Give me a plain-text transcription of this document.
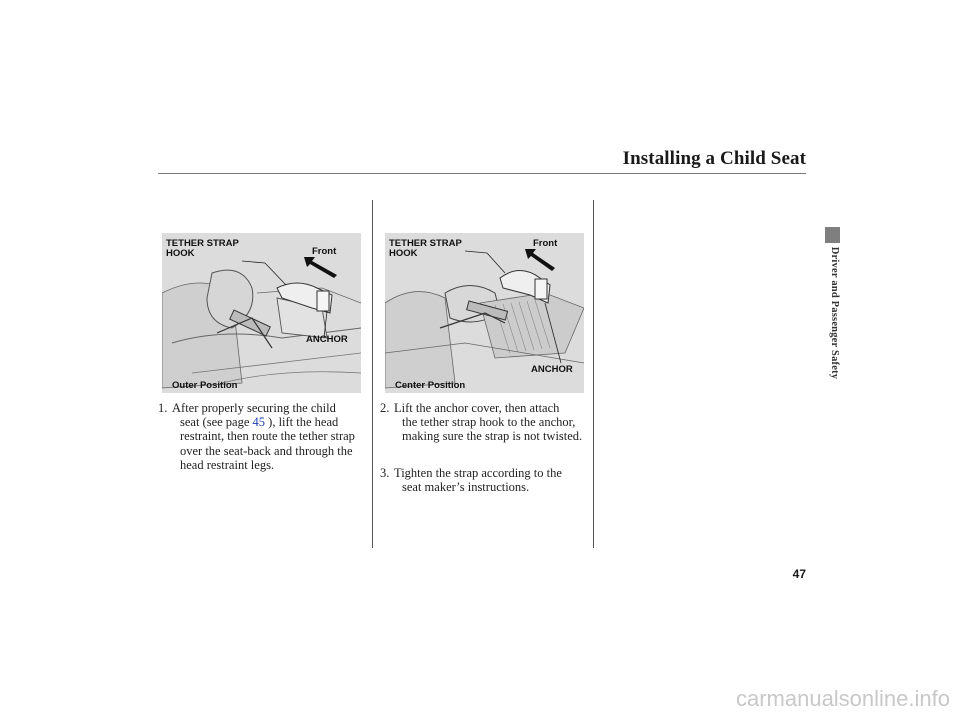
Installing a Child Seat
TETHER STRAP
HOOK	Front
ANCHOR
Outer Position
TETHER STRAP
HOOK
Front
ANCHOR
Center Position
1. After properly securing the child
seat (see page 45 ), lift the head
restraint, then route the tether strap over the seat-back and through the head restraint legs.
2. Lift the anchor cover, then attach
the tether strap hook to the anchor, making sure the strap is not twisted.
3. Tighten the strap according to the
seat maker’s instructions.
Driver and Passenger Safety
47
carmanualsonline.info
